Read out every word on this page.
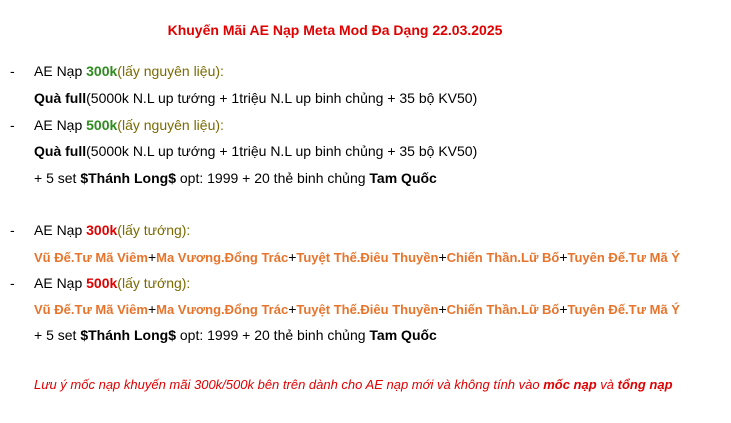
Khuyến Mãi AE Nạp Meta Mod Đa Dạng 22.03.2025
- AE Nạp 300k(lấy nguyên liệu):
Quà full(5000k N.L up tướng + 1triệu N.L up binh chủng + 35 bộ KV50)
- AE Nạp 500k(lấy nguyên liệu):
Quà full(5000k N.L up tướng + 1triệu N.L up binh chủng + 35 bộ KV50)
+ 5 set $Thánh Long$ opt: 1999 + 20 thẻ binh chủng Tam Quốc
- AE Nạp 300k(lấy tướng):
Vũ Đế.Tư Mã Viêm+Ma Vương.Đổng Trác+Tuyệt Thế.Điêu Thuyền+Chiến Thần.Lữ Bố+Tuyên Đế.Tư Mã Ý
- AE Nạp 500k(lấy tướng):
Vũ Đế.Tư Mã Viêm+Ma Vương.Đổng Trác+Tuyệt Thế.Điêu Thuyền+Chiến Thần.Lữ Bố+Tuyên Đế.Tư Mã Ý
+ 5 set $Thánh Long$ opt: 1999 + 20 thẻ binh chủng Tam Quốc
Lưu ý mốc nạp khuyến mãi 300k/500k bên trên dành cho AE nạp mới và không tính vào mốc nạp và tổng nạp
